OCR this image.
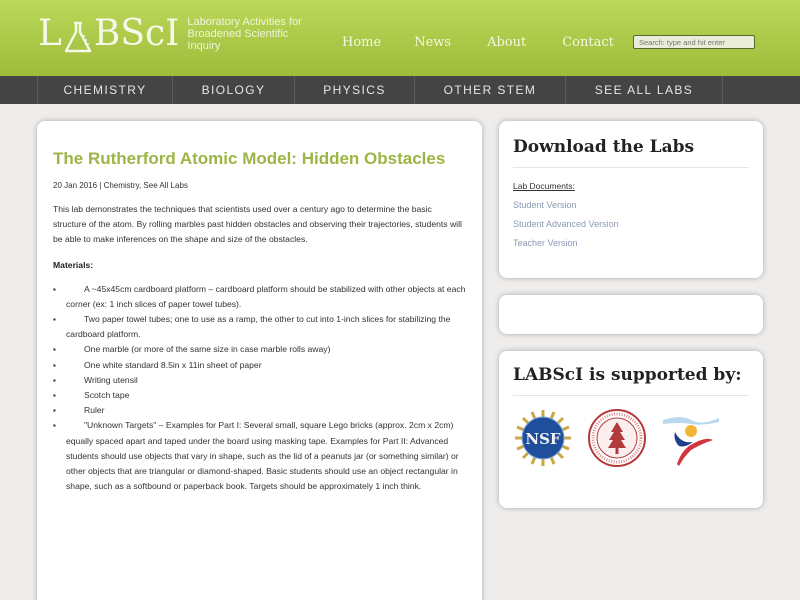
L BScI Laboratory Activities for Broadened Scientific Inquiry	Home	News	About	Contact
Search: type and hit enter
CHEMISTRY	BIOLOGY	PHYSICS	OTHER STEM	SEE ALL LABS
The Rutherford Atomic Model: Hidden Obstacles
20 Jan 2016 | Chemistry, See All Labs

This lab demonstrates the techniques that scientists used over a century ago to determine the basic structure of the atom. By rolling marbles past hidden obstacles and observing their trajectories, students will be able to make inferences on the shape and size of the obstacles.

Materials:
▪ A ~45x45cm cardboard platform – cardboard platform should be stabilized with other objects at each corner (ex: 1 inch slices of paper towel tubes).
▪ Two paper towel tubes; one to use as a ramp, the other to cut into 1-inch slices for stabilizing the cardboard platform.
▪ One marble (or more of the same size in case marble rolls away)
▪ One white standard 8.5in x 11in sheet of paper
▪ Writing utensil
▪ Scotch tape
▪ Ruler
▪ "Unknown Targets" – Examples for Part I: Several small, square Lego bricks (approx. 2cm x 2cm) equally spaced apart and taped under the board using masking tape. Examples for Part II: Advanced students should use objects that vary in shape, such as the lid of a peanuts jar (or something similar) or other objects that are triangular or diamond-shaped. Basic students should use an object rectangular in shape, such as a softbound or paperback book. Targets should be approximately 1 inch think.
Download the Labs
Lab Documents:
Student Version
Student Advanced Version
Teacher Version
LABScI is supported by:
NSF
